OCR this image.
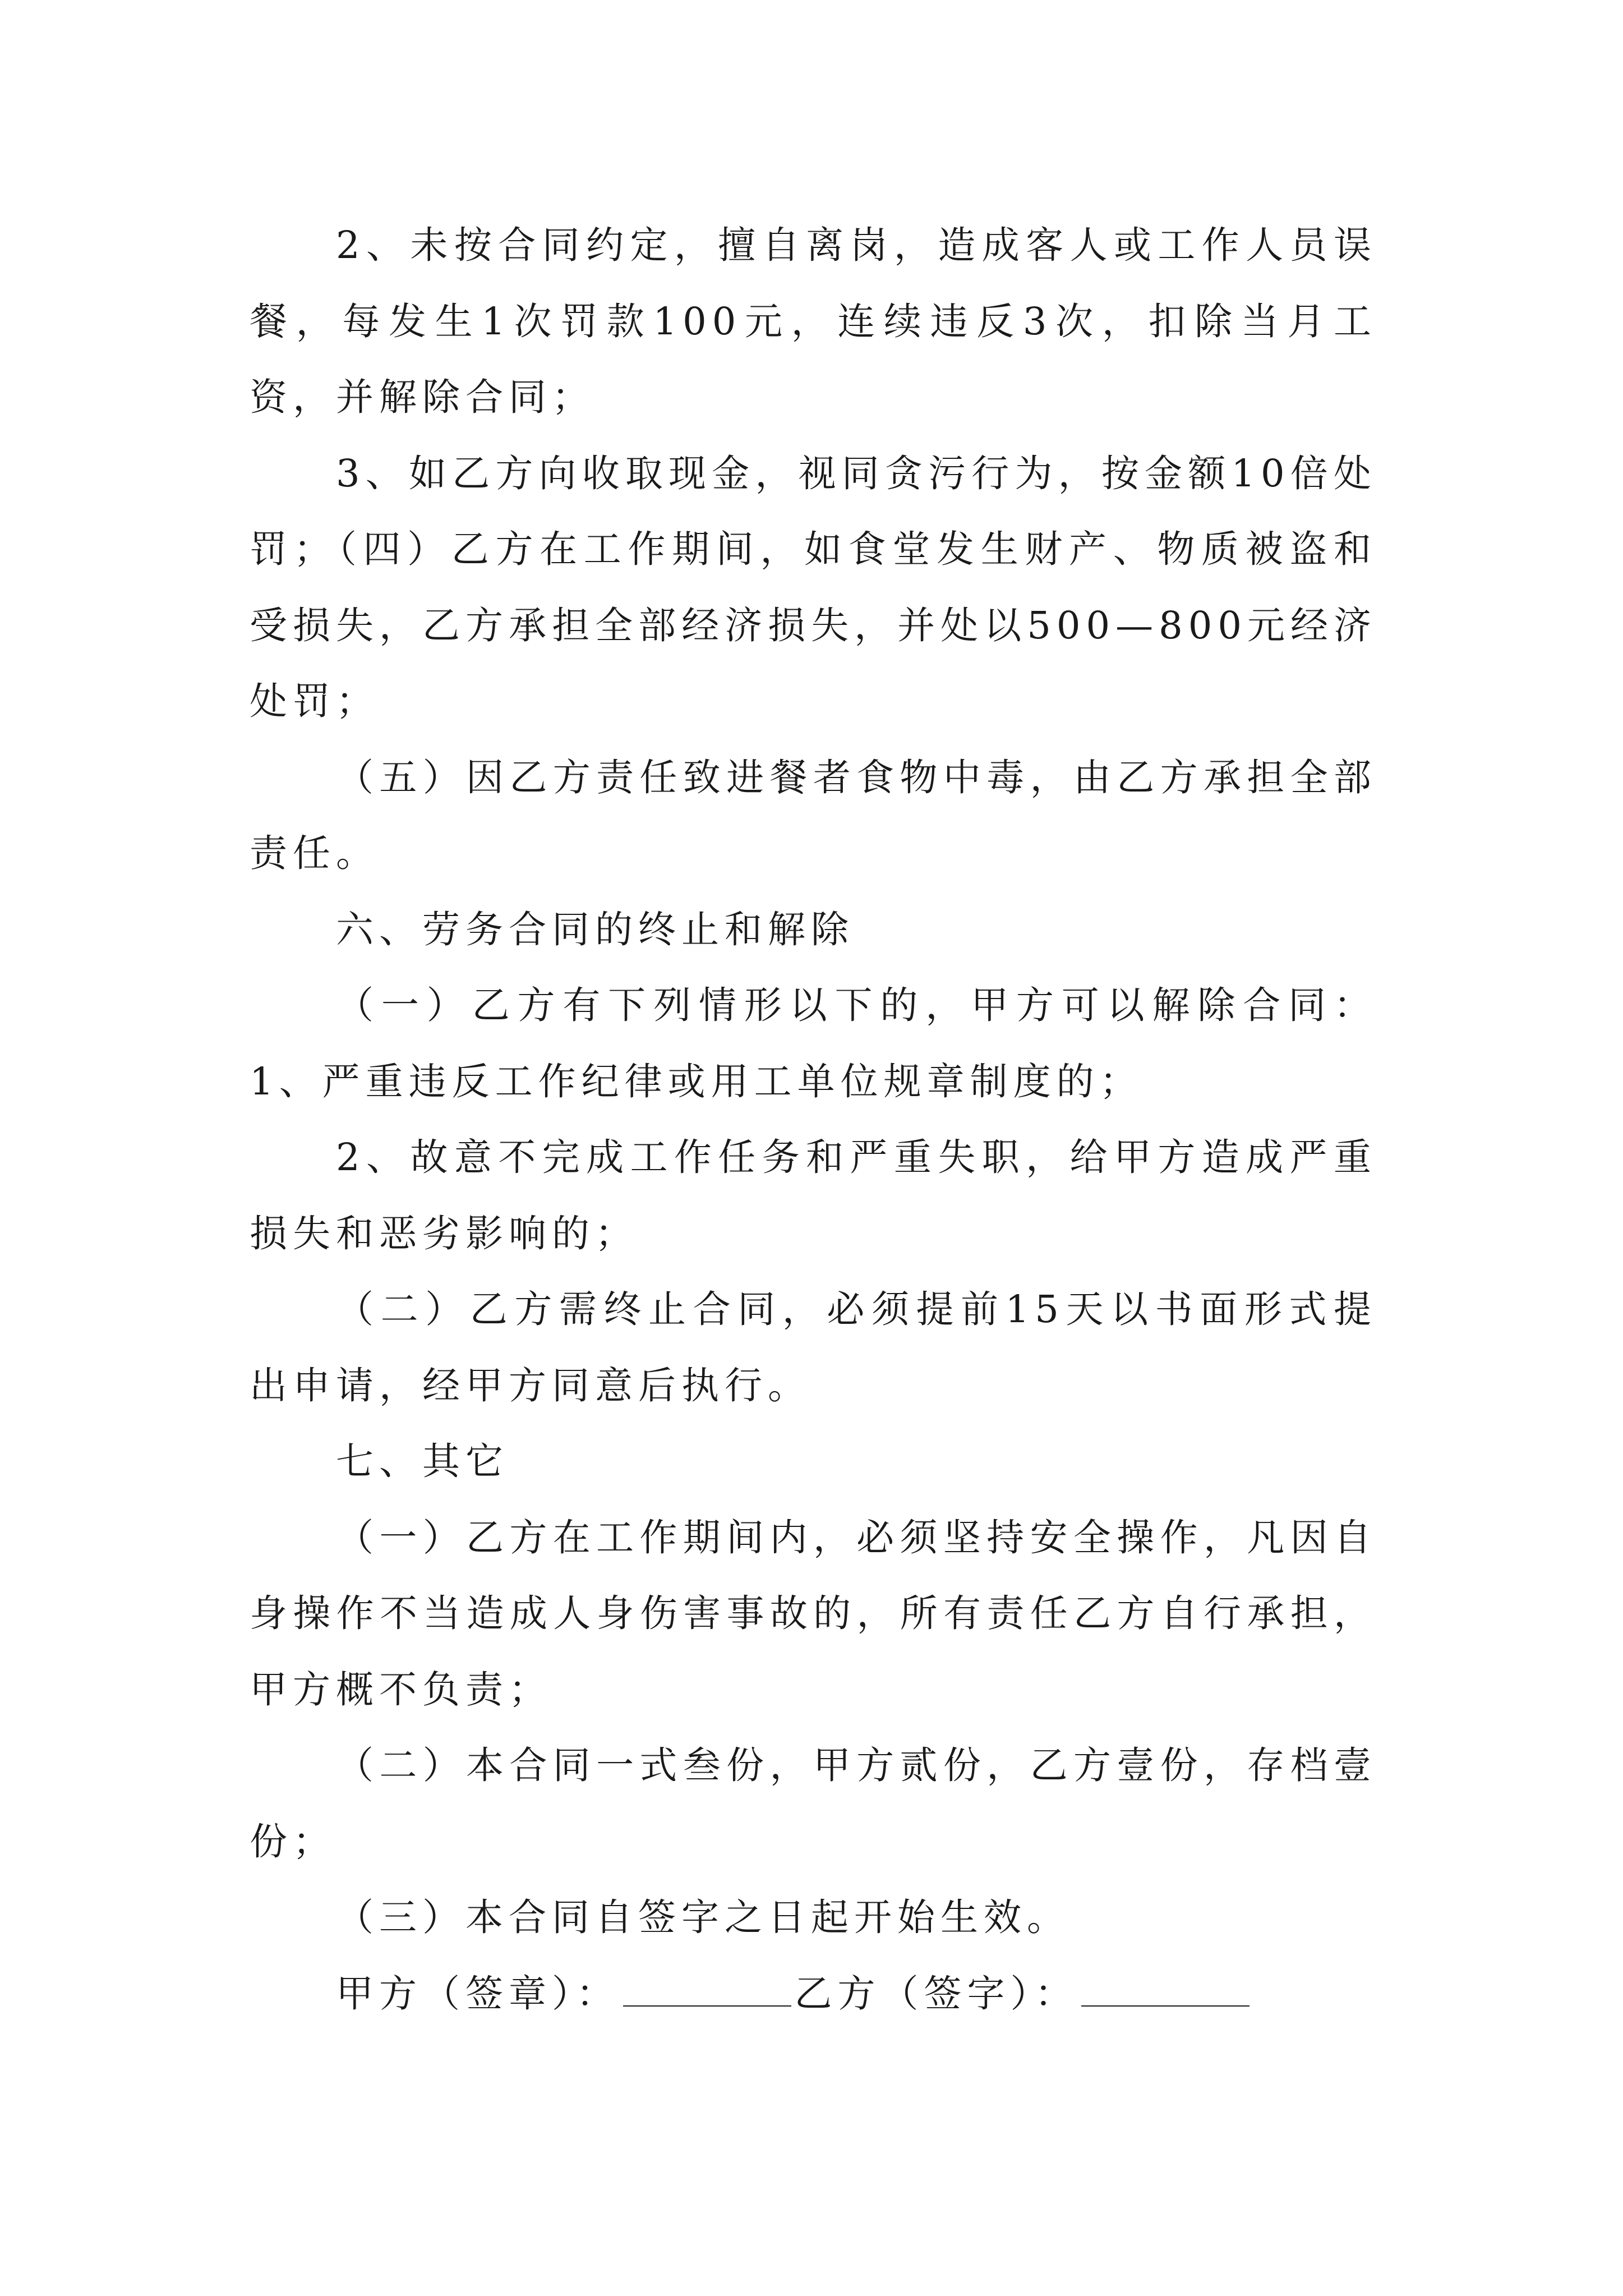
2、未按合同约定，擅自离岗，造成客人或工作人员误餐，每发生1次罚款100元，连续违反3次，扣除当月工资，并解除合同；

3、如乙方向收取现金，视同贪污行为，按金额10倍处罚；（四）乙方在工作期间，如食堂发生财产、物质被盗和受损失，乙方承担全部经济损失，并处以500—800元经济处罚；

（五）因乙方责任致进餐者食物中毒，由乙方承担全部责任。

六、劳务合同的终止和解除

（一）乙方有下列情形以下的，甲方可以解除合同：1、严重违反工作纪律或用工单位规章制度的；

2、故意不完成工作任务和严重失职，给甲方造成严重损失和恶劣影响的；

（二）乙方需终止合同，必须提前15天以书面形式提出申请，经甲方同意后执行。

七、其它

（一）乙方在工作期间内，必须坚持安全操作，凡因自身操作不当造成人身伤害事故的，所有责任乙方自行承担，甲方概不负责；

（二）本合同一式叁份，甲方贰份，乙方壹份，存档壹份；

（三）本合同自签字之日起开始生效。

甲方（签章）：	乙方（签字）：
